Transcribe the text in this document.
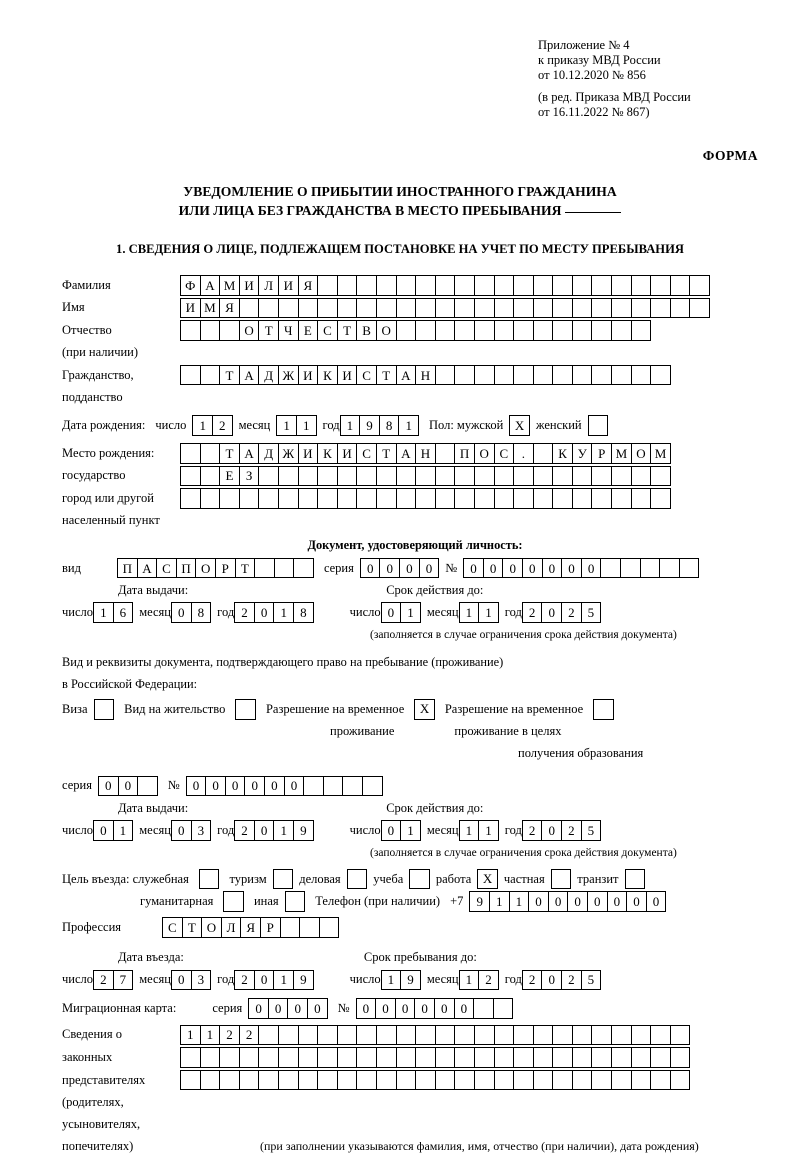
Приложение № 4
к приказу МВД России
от 10.12.2020 № 856
(в ред. Приказа МВД России
от 16.11.2022 № 867)
ФОРМА
УВЕДОМЛЕНИЕ О ПРИБЫТИИ ИНОСТРАННОГО ГРАЖДАНИНА
ИЛИ ЛИЦА БЕЗ ГРАЖДАНСТВА В МЕСТО ПРЕБЫВАНИЯ
1. СВЕДЕНИЯ О ЛИЦЕ, ПОДЛЕЖАЩЕМ ПОСТАНОВКЕ НА УЧЕТ ПО МЕСТУ ПРЕБЫВАНИЯ
Фамилия	Ф А М И Л И Я
Имя	И М Я
Отчество	О Т Ч Е С Т В О
(при наличии)
Гражданство,	Т А Д Ж И К И С Т А Н
подданство
Дата рождения: число	1	2	месяц	1	1	год 1	9	8	1	Пол: мужской Х женский
Место рождения:	Т А Д Ж И К И С Т А Н	П О С	.	К У Р М О М
государство	Е З
город или другой
населенный пункт
Документ, удостоверяющий личность:
вид	П А С П О Р Т	серия	0	0	0	0	№	0	0	0	0	0	0	0
Дата выдачи:	Срок действия до:
число 1	6	месяц 0	8	год 2	0	1	8	число 0	1	месяц 1	1	год 2	0	2	5
(заполняется в случае ограничения срока действия документа)
Вид и реквизиты документа, подтверждающего право на пребывание (проживание)
в Российской Федерации:
Виза	Вид на жительство	Разрешение на временное	Х	Разрешение на временное
проживание	проживание в целях
получения образования
серия	0	0	№	0	0	0	0	0	0
Дата выдачи:	Срок действия до:
число 0	1	месяц 0	3	год 2	0	1	9	число 0	1	месяц 1	1	год 2	0	2	5
(заполняется в случае ограничения срока действия документа)
Цель въезда: служебная	туризм	деловая	учеба	работа Х частная	транзит
гуманитарная	иная	Телефон (при наличии) +7	9	1	1	0	0	0	0	0	0	0
Профессия	С Т О Л Я Р
Дата въезда:	Срок пребывания до:
число 2	7	месяц 0	3	год 2	0	1	9	число 1	9	месяц 1	2	год 2	0	2	5
Миграционная карта:	серия	0	0	0	0	№	0	0	0	0	0	0
Сведения о	1	1	2	2
законных
представителях
(родителях,
усыновителях,
попечителях)	(при заполнении указываются фамилия, имя, отчество (при наличии), дата рождения)
